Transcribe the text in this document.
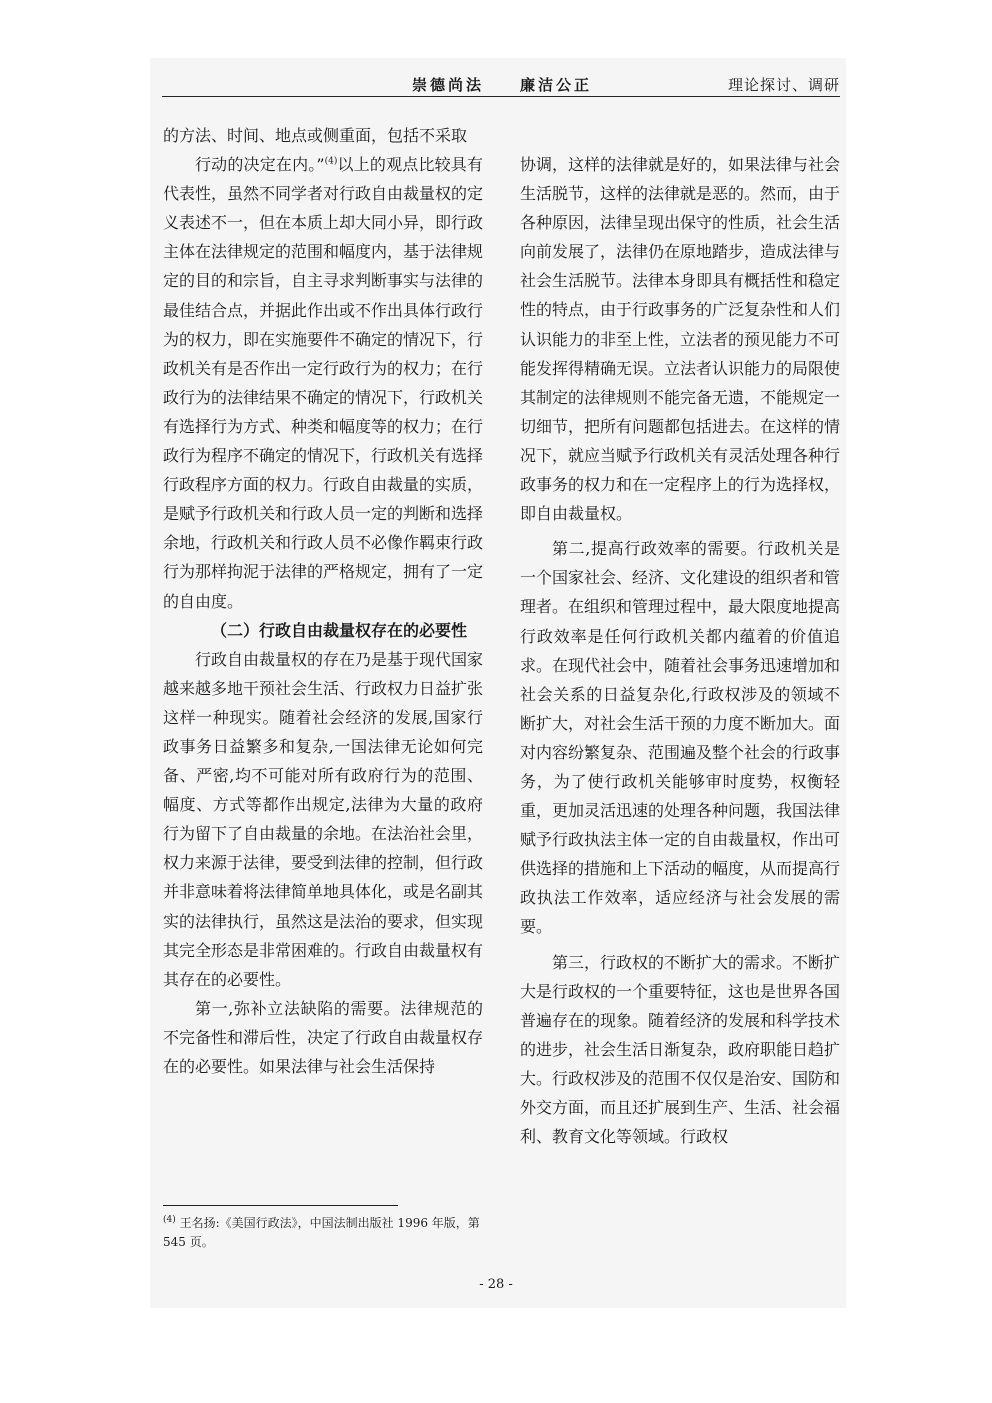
崇德尚法　　廉洁公正	理论探讨、调研

的方法、时间、地点或侧重面，包括不采取

行动的决定在内。”$^{(4)}$以上的观点比较具有代表性，虽然不同学者对行政自由裁量权的定义表述不一，但在本质上却大同小异，即行政主体在法律规定的范围和幅度内，基于法律规定的目的和宗旨，自主寻求判断事实与法律的最佳结合点，并据此作出或不作出具体行政行为的权力，即在实施要件不确定的情况下，行政机关有是否作出一定行政行为的权力；在行政行为的法律结果不确定的情况下，行政机关有选择行为方式、种类和幅度等的权力；在行政行为程序不确定的情况下，行政机关有选择行政程序方面的权力。行政自由裁量的实质，是赋予行政机关和行政人员一定的判断和选择余地，行政机关和行政人员不必像作羁束行政行为那样拘泥于法律的严格规定，拥有了一定的自由度。

（二）行政自由裁量权存在的必要性

行政自由裁量权的存在乃是基于现代国家越来越多地干预社会生活、行政权力日益扩张这样一种现实。随着社会经济的发展,国家行政事务日益繁多和复杂,一国法律无论如何完备、严密,均不可能对所有政府行为的范围、幅度、方式等都作出规定,法律为大量的政府行为留下了自由裁量的余地。在法治社会里，权力来源于法律，要受到法律的控制，但行政并非意味着将法律简单地具体化，或是名副其实的法律执行，虽然这是法治的要求，但实现其完全形态是非常困难的。行政自由裁量权有其存在的必要性。

第一,弥补立法缺陷的需要。法律规范的不完备性和滞后性，决定了行政自由裁量权存在的必要性。如果法律与社会生活保持

协调，这样的法律就是好的，如果法律与社会生活脱节，这样的法律就是恶的。然而，由于各种原因，法律呈现出保守的性质，社会生活向前发展了，法律仍在原地踏步，造成法律与社会生活脱节。法律本身即具有概括性和稳定性的特点，由于行政事务的广泛复杂性和人们认识能力的非至上性，立法者的预见能力不可能发挥得精确无误。立法者认识能力的局限使其制定的法律规则不能完备无遗，不能规定一切细节，把所有问题都包括进去。在这样的情况下，就应当赋予行政机关有灵活处理各种行政事务的权力和在一定程序上的行为选择权，即自由裁量权。

第二,提高行政效率的需要。行政机关是一个国家社会、经济、文化建设的组织者和管理者。在组织和管理过程中，最大限度地提高行政效率是任何行政机关都内蕴着的价值追求。在现代社会中，随着社会事务迅速增加和社会关系的日益复杂化,行政权涉及的领域不断扩大，对社会生活干预的力度不断加大。面对内容纷繁复杂、范围遍及整个社会的行政事务，为了使行政机关能够审时度势，权衡轻重，更加灵活迅速的处理各种问题，我国法律赋予行政执法主体一定的自由裁量权，作出可供选择的措施和上下活动的幅度，从而提高行政执法工作效率，适应经济与社会发展的需要。

第三，行政权的不断扩大的需求。不断扩大是行政权的一个重要特征，这也是世界各国普遍存在的现象。随着经济的发展和科学技术的进步，社会生活日渐复杂，政府职能日趋扩大。行政权涉及的范围不仅仅是治安、国防和外交方面，而且还扩展到生产、生活、社会福利、教育文化等领域。行政权

$^{(4)}$ 王名扬:《美国行政法》，中国法制出版社 1996 年版，第 545 页。
- 28 -
